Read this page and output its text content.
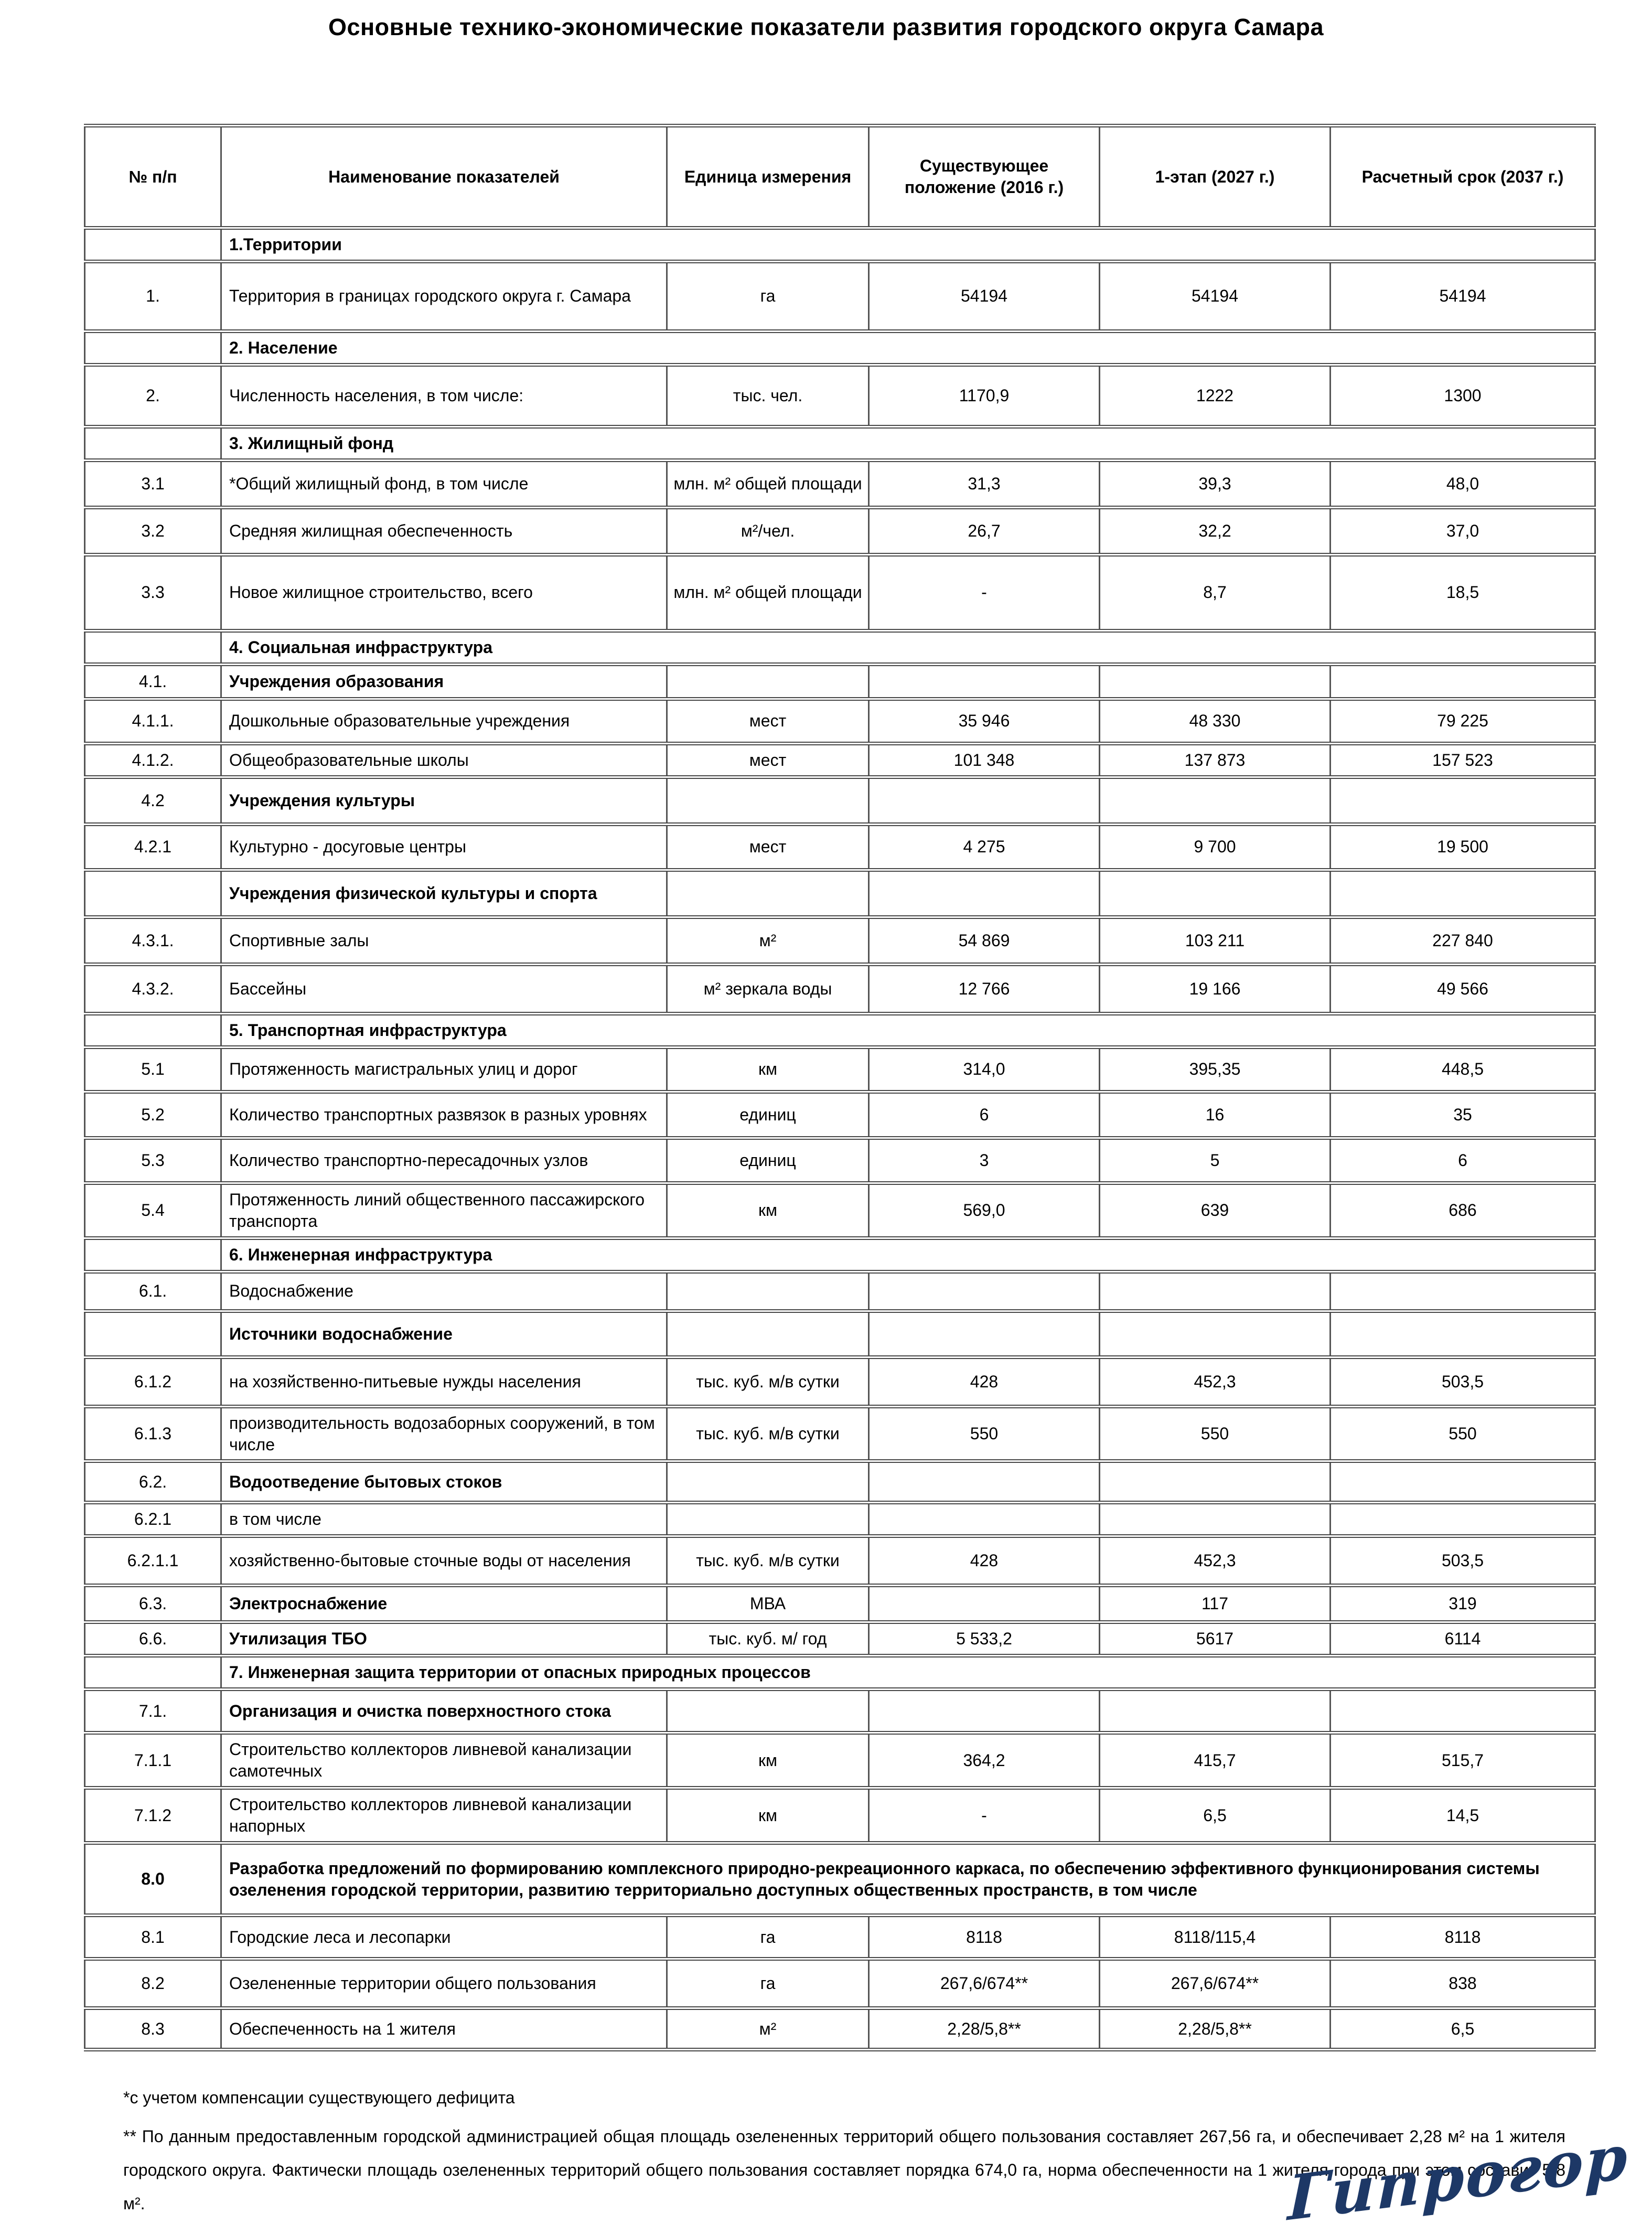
Основные технико-экономические показатели развития городского округа Самара
№ п/п	Наименование показателей	Единица измерения	Существующее положение (2016 г.)	1-этап (2027 г.)	Расчетный срок (2037 г.)
	1.Территории				
1.	Территория в границах городского округа г. Самара	га	54194	54194	54194
	2. Население				
2.	Численность населения, в том числе:	тыс. чел.	1170,9	1222	1300
	3. Жилищный фонд				
3.1	*Общий жилищный фонд, в том числе	млн. м² общей площади	31,3	39,3	48,0
3.2	Средняя жилищная обеспеченность	м²/чел.	26,7	32,2	37,0
3.3	Новое жилищное строительство, всего	млн. м² общей площади	-	8,7	18,5
	4. Социальная инфраструктура				
4.1.	Учреждения образования				
4.1.1.	Дошкольные образовательные учреждения	мест	35 946	48 330	79 225
4.1.2.	Общеобразовательные школы	мест	101 348	137 873	157 523
4.2	Учреждения культуры				
4.2.1	Культурно - досуговые центры	мест	4 275	9 700	19 500
	Учреждения физической культуры и спорта				
4.3.1.	Спортивные залы	м²	54 869	103 211	227 840
4.3.2.	Бассейны	м² зеркала воды	12 766	19 166	49 566
	5. Транспортная инфраструктура				
5.1	Протяженность магистральных улиц и дорог	км	314,0	395,35	448,5
5.2	Количество транспортных развязок в разных уровнях	единиц	6	16	35
5.3	Количество транспортно-пересадочных узлов	единиц	3	5	6
5.4	Протяженность линий общественного пассажирского транспорта	км	569,0	639	686
	6. Инженерная инфраструктура				
6.1.	Водоснабжение				
	Источники водоснабжение				
6.1.2	на хозяйственно-питьевые нужды населения	тыс. куб. м/в сутки	428	452,3	503,5
6.1.3	производительность водозаборных сооружений, в том числе	тыс. куб. м/в сутки	550	550	550
6.2.	Водоотведение бытовых стоков				
6.2.1	в том числе				
6.2.1.1	хозяйственно-бытовые сточные воды от населения	тыс. куб. м/в сутки	428	452,3	503,5
6.3.	Электроснабжение	МВА		117	319
6.6.	Утилизация ТБО	тыс. куб. м/ год	5 533,2	5617	6114
	7. Инженерная защита территории от опасных природных процессов				
7.1.	Организация и очистка поверхностного стока				
7.1.1	Строительство коллекторов ливневой канализации самотечных	км	364,2	415,7	515,7
7.1.2	Строительство коллекторов ливневой канализации напорных	км	-	6,5	14,5
8.0	Разработка предложений по формированию комплексного природно-рекреационного каркаса, по обеспечению эффективного функционирования системы озеленения городской территории, развитию территориально доступных общественных пространств, в том числе				
8.1	Городские леса и лесопарки	га	8118	8118/115,4	8118
8.2	Озелененные территории общего пользования	га	267,6/674**	267,6/674**	838
8.3	Обеспеченность на 1 жителя	м²	2,28/5,8**	2,28/5,8**	6,5

*с учетом компенсации существующего дефицита

** По данным предоставленным городской администрацией общая площадь озелененных территорий общего пользования составляет 267,56 га, и обеспечивает 2,28 м² на 1 жителя городского округа. Фактически площадь озелененных территорий общего пользования составляет порядка 674,0 га, норма обеспеченности на 1 жителя города при этом составит 5,8 м².	Гипрогор
